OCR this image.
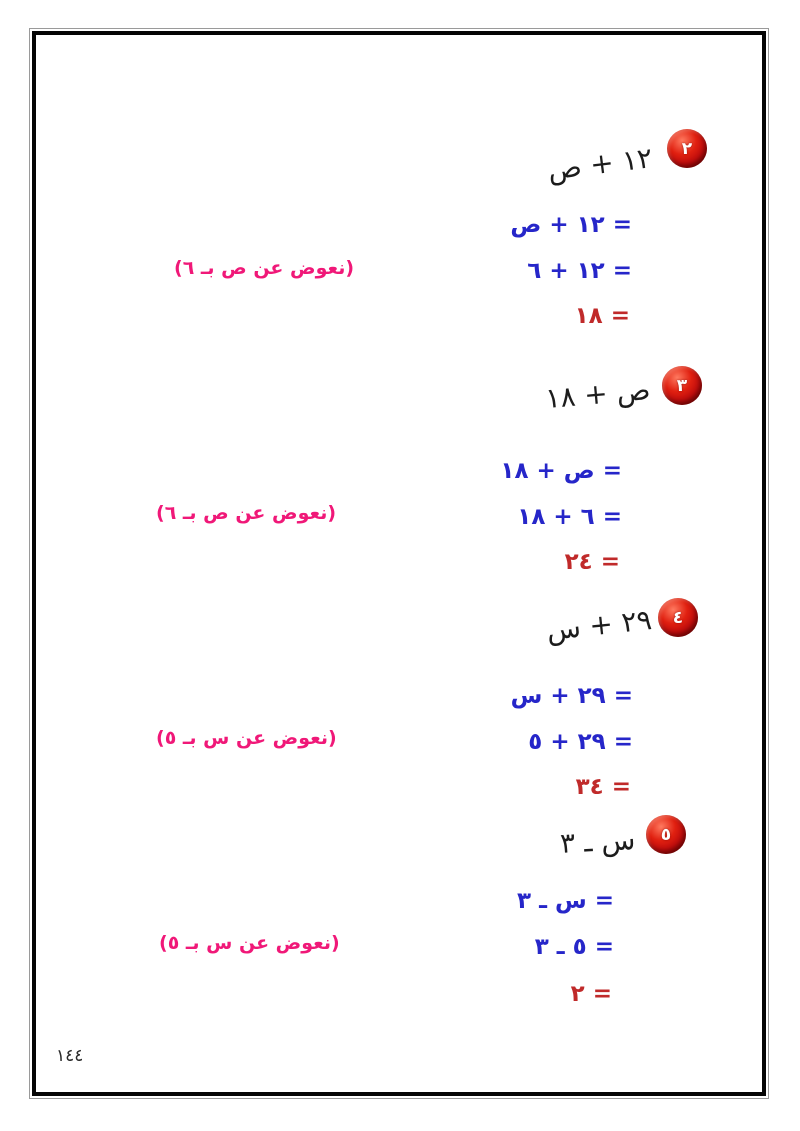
٢
١٢ + ص
= ١٢ + ص
= ١٢ + ٦
(نعوض عن ص بـ ٦)
= ١٨
٣
ص + ١٨
= ص + ١٨
= ٦ + ١٨
(نعوض عن ص بـ ٦)
= ٢٤
٤
٢٩ + س
= ٢٩ + س
= ٢٩ + ٥
(نعوض عن س بـ ٥)
= ٣٤
٥
س ـ ٣
= س ـ ٣
= ٥ ـ ٣
(نعوض عن س بـ ٥)
= ٢
١٤٤
